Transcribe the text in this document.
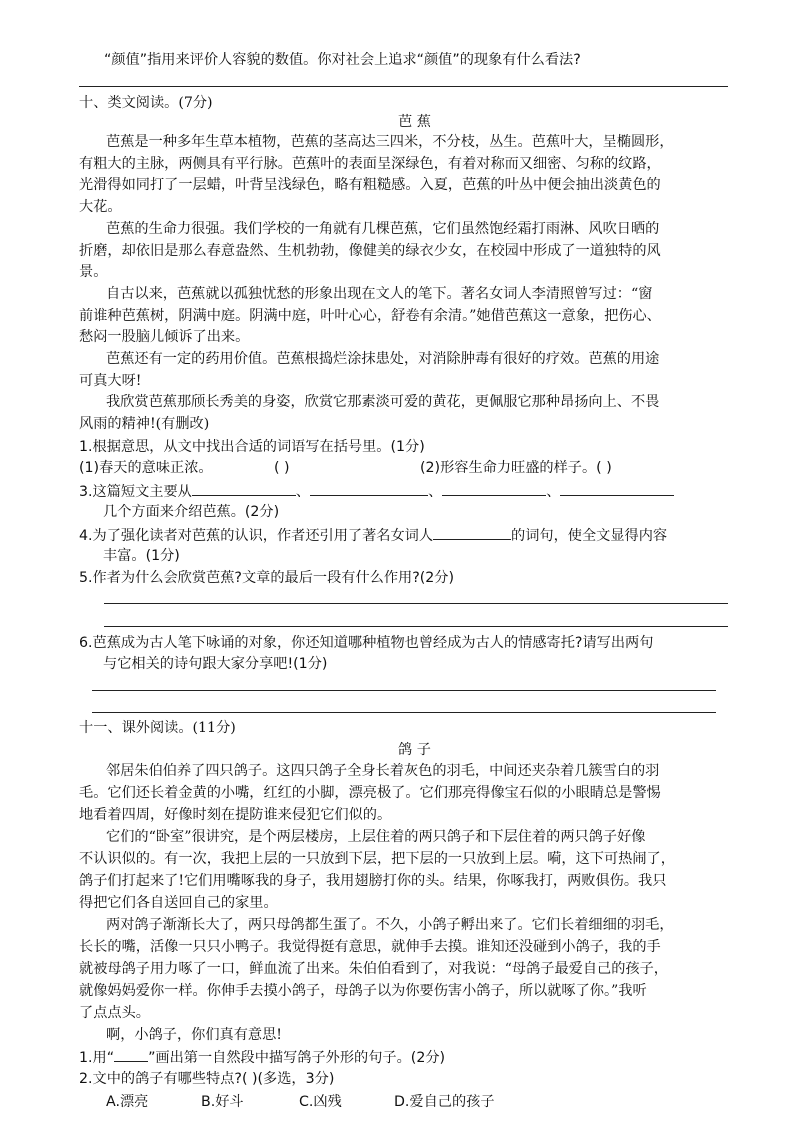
“颜值”指用来评价人容貌的数值。你对社会上追求“颜值”的现象有什么看法?
十、类文阅读。(7分)
芭 蕉
芭蕉是一种多年生草本植物，芭蕉的茎高达三四米，不分枝，丛生。芭蕉叶大，呈椭圆形，
有粗大的主脉，两侧具有平行脉。芭蕉叶的表面呈深绿色，有着对称而又细密、匀称的纹路，
光滑得如同打了一层蜡，叶背呈浅绿色，略有粗糙感。入夏，芭蕉的叶丛中便会抽出淡黄色的
大花。
芭蕉的生命力很强。我们学校的一角就有几棵芭蕉，它们虽然饱经霜打雨淋、风吹日晒的
折磨，却依旧是那么春意盎然、生机勃勃，像健美的绿衣少女，在校园中形成了一道独特的风
景。
自古以来，芭蕉就以孤独忧愁的形象出现在文人的笔下。著名女词人李清照曾写过：“窗
前谁种芭蕉树，阴满中庭。阴满中庭，叶叶心心，舒卷有余清。”她借芭蕉这一意象，把伤心、
愁闷一股脑儿倾诉了出来。
芭蕉还有一定的药用价值。芭蕉根捣烂涂抹患处，对消除肿毒有很好的疗效。芭蕉的用途
可真大呀!
我欣赏芭蕉那颀长秀美的身姿，欣赏它那素淡可爱的黄花，更佩服它那种昂扬向上、不畏
风雨的精神!(有删改)
1.根据意思，从文中找出合适的词语写在括号里。(1分)
(1)春天的意味正浓。	( )	(2)形容生命力旺盛的样子。( )
3.这篇短文主要从	、	、	、
几个方面来介绍芭蕉。(2分)
4.为了强化读者对芭蕉的认识，作者还引用了著名女词人	的词句，使全文显得内容
丰富。(1分)
5.作者为什么会欣赏芭蕉?文章的最后一段有什么作用?(2分)
6.芭蕉成为古人笔下咏诵的对象，你还知道哪种植物也曾经成为古人的情感寄托?请写出两句
与它相关的诗句跟大家分享吧!(1分)
十一、课外阅读。(11分)
鸽 子
邻居朱伯伯养了四只鸽子。这四只鸽子全身长着灰色的羽毛，中间还夹杂着几簇雪白的羽
毛。它们还长着金黄的小嘴，红红的小脚，漂亮极了。它们那亮得像宝石似的小眼睛总是警惕
地看着四周，好像时刻在提防谁来侵犯它们似的。
它们的“卧室”很讲究，是个两层楼房，上层住着的两只鸽子和下层住着的两只鸽子好像
不认识似的。有一次，我把上层的一只放到下层，把下层的一只放到上层。嗬，这下可热闹了，
鸽子们打起来了!它们用嘴啄我的身子，我用翅膀打你的头。结果，你啄我打，两败俱伤。我只
得把它们各自送回自己的家里。
两对鸽子渐渐长大了，两只母鸽都生蛋了。不久，小鸽子孵出来了。它们长着细细的羽毛，
长长的嘴，活像一只只小鸭子。我觉得挺有意思，就伸手去摸。谁知还没碰到小鸽子，我的手
就被母鸽子用力啄了一口，鲜血流了出来。朱伯伯看到了，对我说：“母鸽子最爱自己的孩子，
就像妈妈爱你一样。你伸手去摸小鸽子，母鸽子以为你要伤害小鸽子，所以就啄了你。”我听
了点点头。
啊，小鸽子，你们真有意思!
1.用“ ”画出第一自然段中描写鸽子外形的句子。(2分)
2.文中的鸽子有哪些特点?( )(多选，3分)
A.漂亮	B.好斗	C.凶残	D.爱自己的孩子
